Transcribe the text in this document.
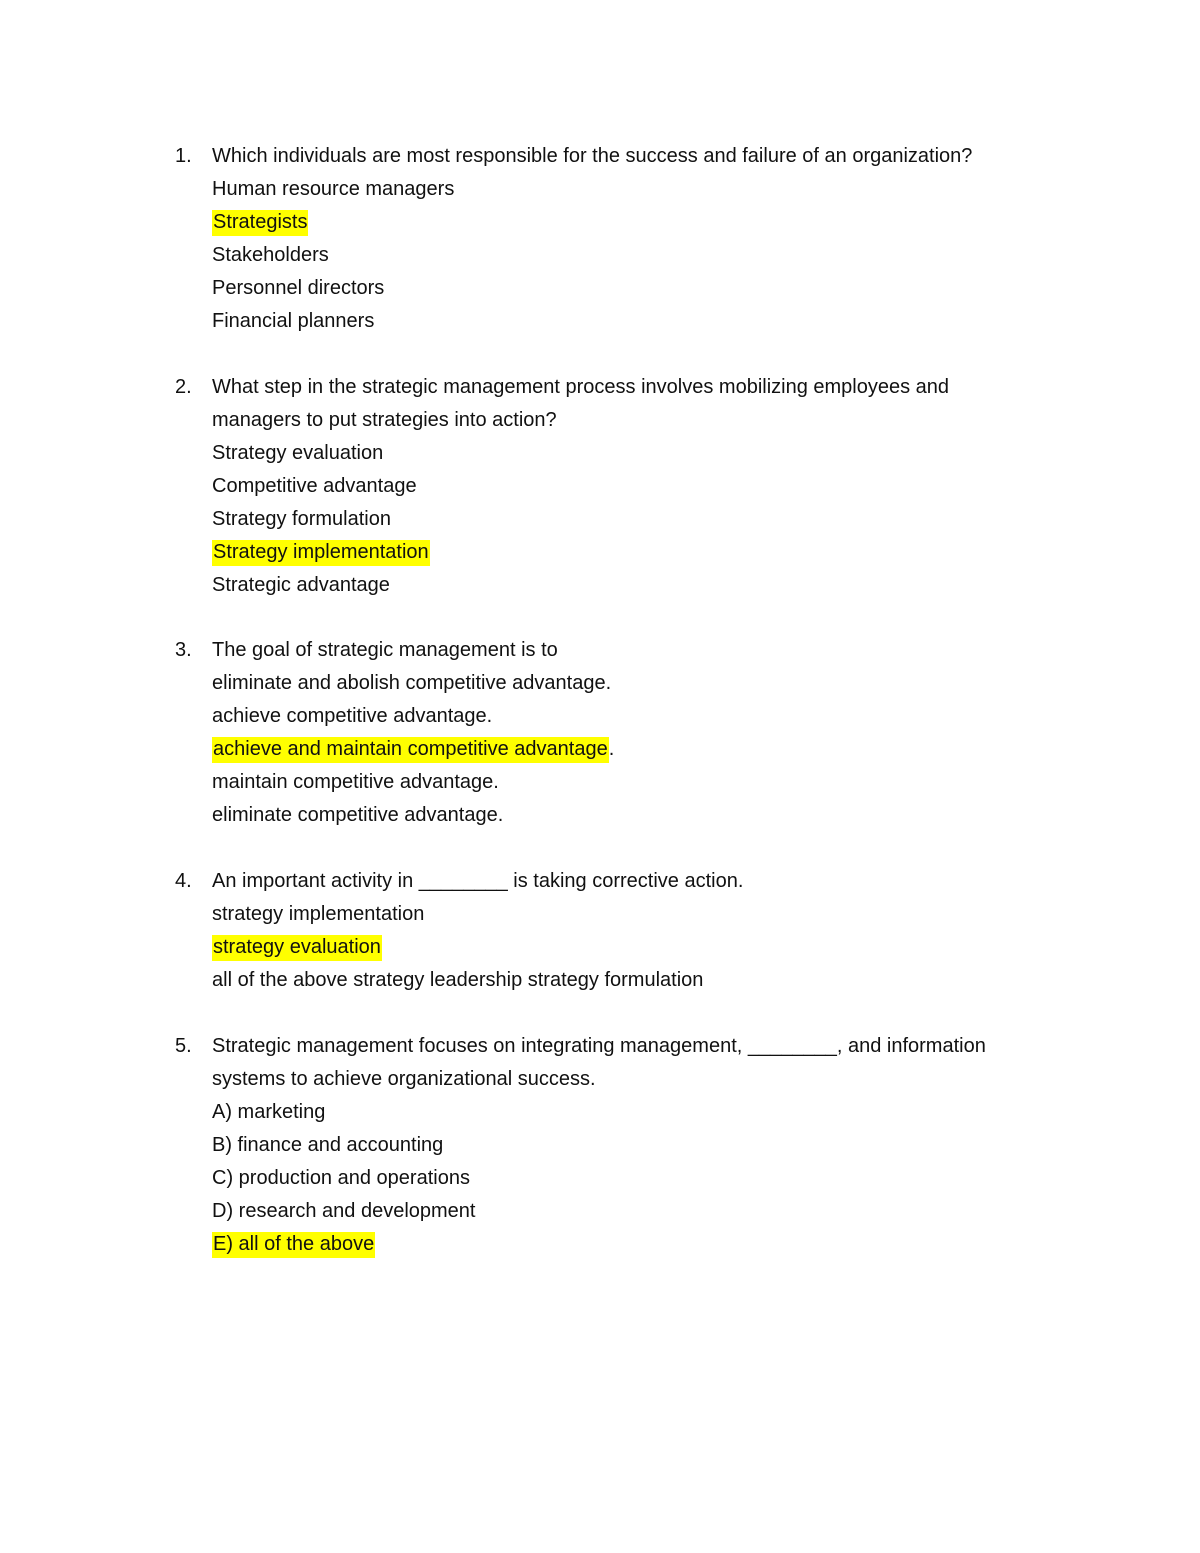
1.	Which individuals are most responsible for the success and failure of an organization?
Human resource managers
Strategists
Stakeholders
Personnel directors
Financial planners
2.	What step in the strategic management process involves mobilizing employees and
managers to put strategies into action?
Strategy evaluation
Competitive advantage
Strategy formulation
Strategy implementation
Strategic advantage
3.	The goal of strategic management is to
eliminate and abolish competitive advantage.
achieve competitive advantage.
achieve and maintain competitive advantage.
maintain competitive advantage.
eliminate competitive advantage.
4.	An important activity in ________ is taking corrective action.
strategy implementation
strategy evaluation
all of the above strategy leadership strategy formulation
5.	Strategic management focuses on integrating management, ________, and information
systems to achieve organizational success.
A) marketing
B) finance and accounting
C) production and operations
D) research and development
E) all of the above
